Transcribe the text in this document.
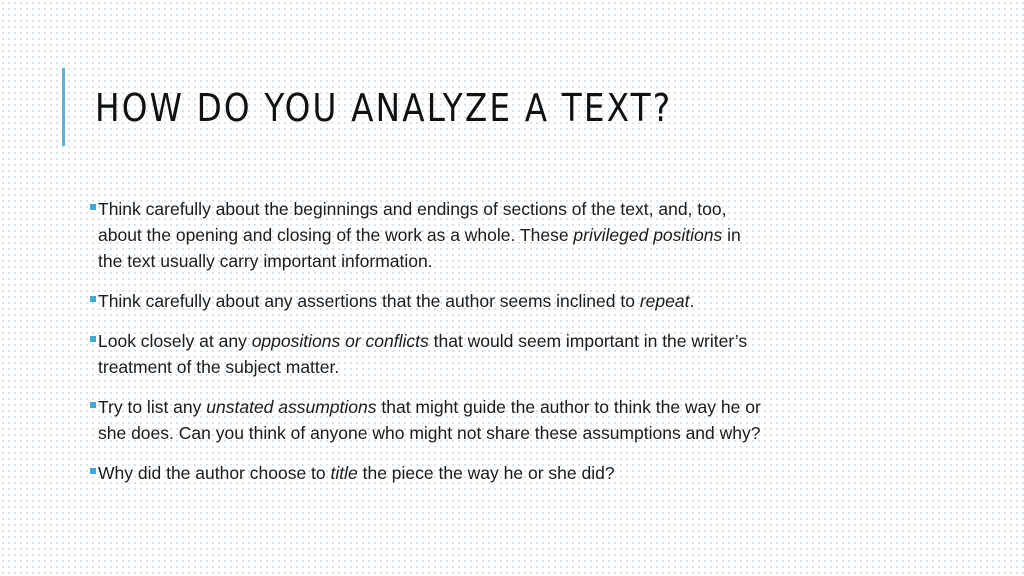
HOW DO YOU ANALYZE A TEXT?
Think carefully about the beginnings and endings of sections of the text, and, too,
about the opening and closing of the work as a whole. These privileged positions in
the text usually carry important information.
Think carefully about any assertions that the author seems inclined to repeat.
Look closely at any oppositions or conflicts that would seem important in the writer’s
treatment of the subject matter.
Try to list any unstated assumptions that might guide the author to think the way he or
she does. Can you think of anyone who might not share these assumptions and why?
Why did the author choose to title the piece the way he or she did?
